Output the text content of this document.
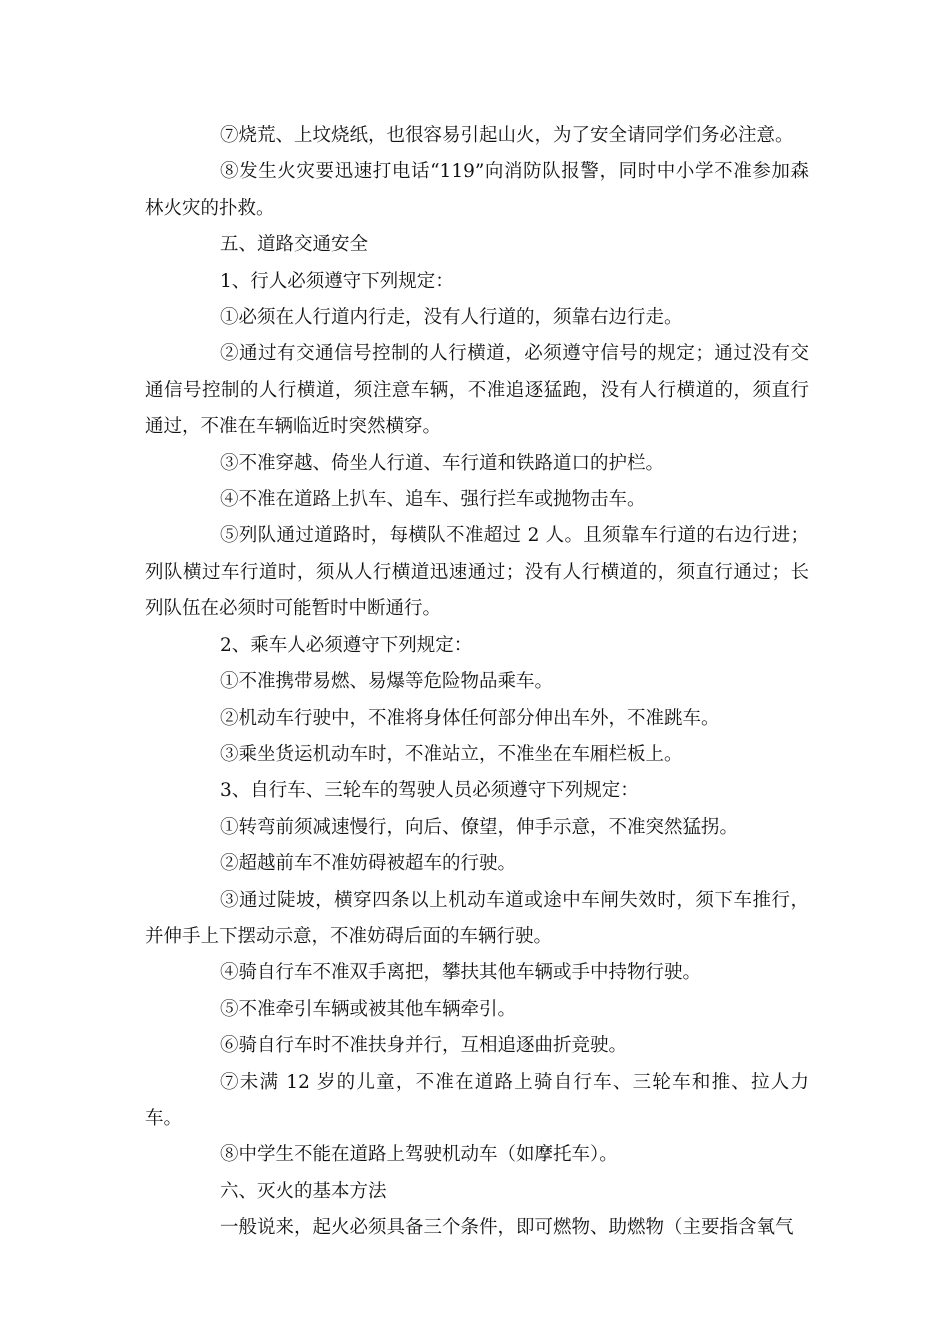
⑦烧荒、上坟烧纸，也很容易引起山火，为了安全请同学们务必注意。

⑧发生火灾要迅速打电话“119”向消防队报警，同时中小学不准参加森林火灾的扑救。

五、道路交通安全

1、行人必须遵守下列规定：

①必须在人行道内行走，没有人行道的，须靠右边行走。

②通过有交通信号控制的人行横道，必须遵守信号的规定；通过没有交通信号控制的人行横道，须注意车辆，不准追逐猛跑，没有人行横道的，须直行通过，不准在车辆临近时突然横穿。

③不准穿越、倚坐人行道、车行道和铁路道口的护栏。

④不准在道路上扒车、追车、强行拦车或抛物击车。

⑤列队通过道路时，每横队不准超过 2 人。且须靠车行道的右边行进；列队横过车行道时，须从人行横道迅速通过；没有人行横道的，须直行通过；长列队伍在必须时可能暂时中断通行。

2、乘车人必须遵守下列规定：

①不准携带易燃、易爆等危险物品乘车。

②机动车行驶中，不准将身体任何部分伸出车外，不准跳车。

③乘坐货运机动车时，不准站立，不准坐在车厢栏板上。

3、自行车、三轮车的驾驶人员必须遵守下列规定：

①转弯前须减速慢行，向后、僚望，伸手示意，不准突然猛拐。

②超越前车不准妨碍被超车的行驶。

③通过陡坡，横穿四条以上机动车道或途中车闸失效时，须下车推行，并伸手上下摆动示意，不准妨碍后面的车辆行驶。

④骑自行车不准双手离把，攀扶其他车辆或手中持物行驶。

⑤不准牵引车辆或被其他车辆牵引。

⑥骑自行车时不准扶身并行，互相追逐曲折竞驶。

⑦未满 12 岁的儿童，不准在道路上骑自行车、三轮车和推、拉人力车。

⑧中学生不能在道路上驾驶机动车（如摩托车）。

六、灭火的基本方法

一般说来，起火必须具备三个条件，即可燃物、助燃物（主要指含氧气
